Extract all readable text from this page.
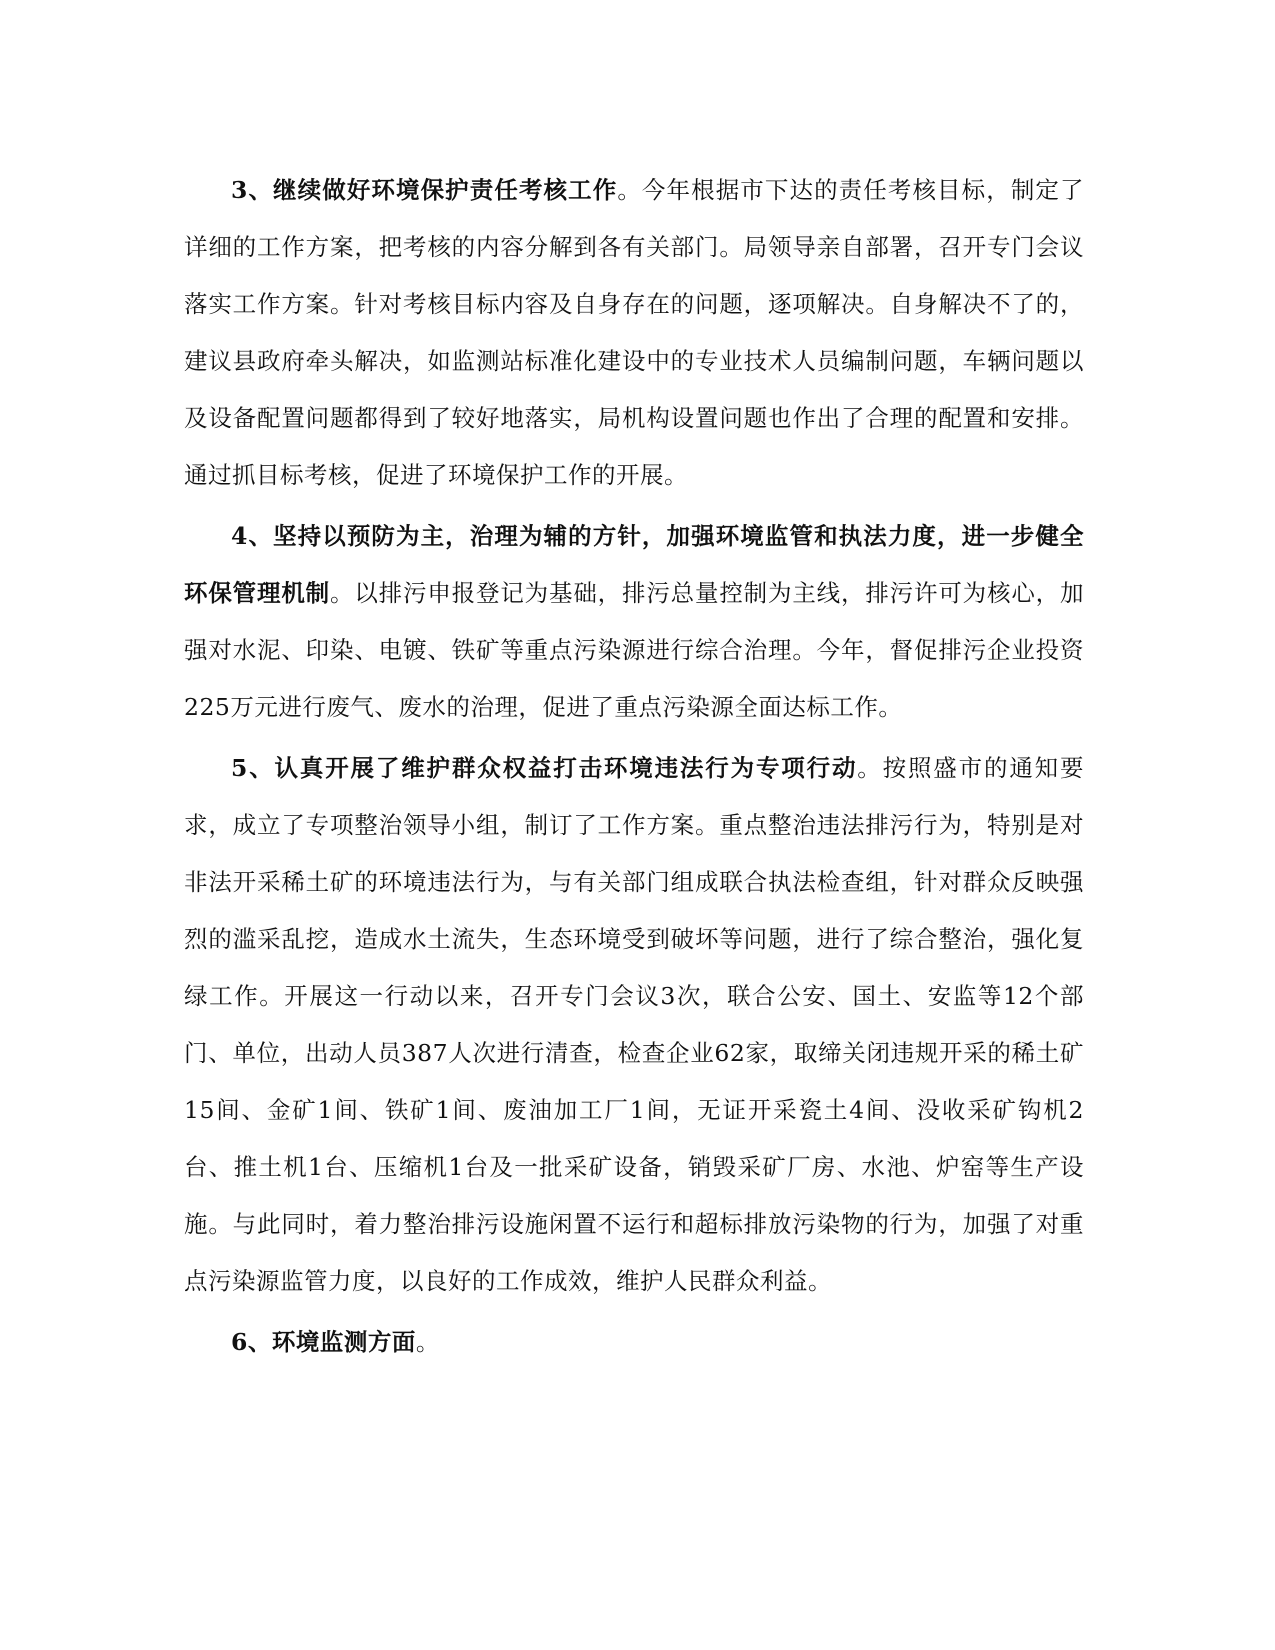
3、继续做好环境保护责任考核工作。今年根据市下达的责任考核目标，制定了详细的工作方案，把考核的内容分解到各有关部门。局领导亲自部署，召开专门会议落实工作方案。针对考核目标内容及自身存在的问题，逐项解决。自身解决不了的，建议县政府牵头解决，如监测站标准化建设中的专业技术人员编制问题，车辆问题以及设备配置问题都得到了较好地落实，局机构设置问题也作出了合理的配置和安排。通过抓目标考核，促进了环境保护工作的开展。

4、坚持以预防为主，治理为辅的方针，加强环境监管和执法力度，进一步健全环保管理机制。以排污申报登记为基础，排污总量控制为主线，排污许可为核心，加强对水泥、印染、电镀、铁矿等重点污染源进行综合治理。今年，督促排污企业投资225万元进行废气、废水的治理，促进了重点污染源全面达标工作。

5、认真开展了维护群众权益打击环境违法行为专项行动。按照盛市的通知要求，成立了专项整治领导小组，制订了工作方案。重点整治违法排污行为，特别是对非法开采稀土矿的环境违法行为，与有关部门组成联合执法检查组，针对群众反映强烈的滥采乱挖，造成水土流失，生态环境受到破坏等问题，进行了综合整治，强化复绿工作。开展这一行动以来，召开专门会议3次，联合公安、国土、安监等12个部门、单位，出动人员387人次进行清查，检查企业62家，取缔关闭违规开采的稀土矿15间、金矿1间、铁矿1间、废油加工厂1间，无证开采瓷土4间、没收采矿钩机2台、推土机1台、压缩机1台及一批采矿设备，销毁采矿厂房、水池、炉窑等生产设施。与此同时，着力整治排污设施闲置不运行和超标排放污染物的行为，加强了对重点污染源监管力度，以良好的工作成效，维护人民群众利益。

6、环境监测方面。
